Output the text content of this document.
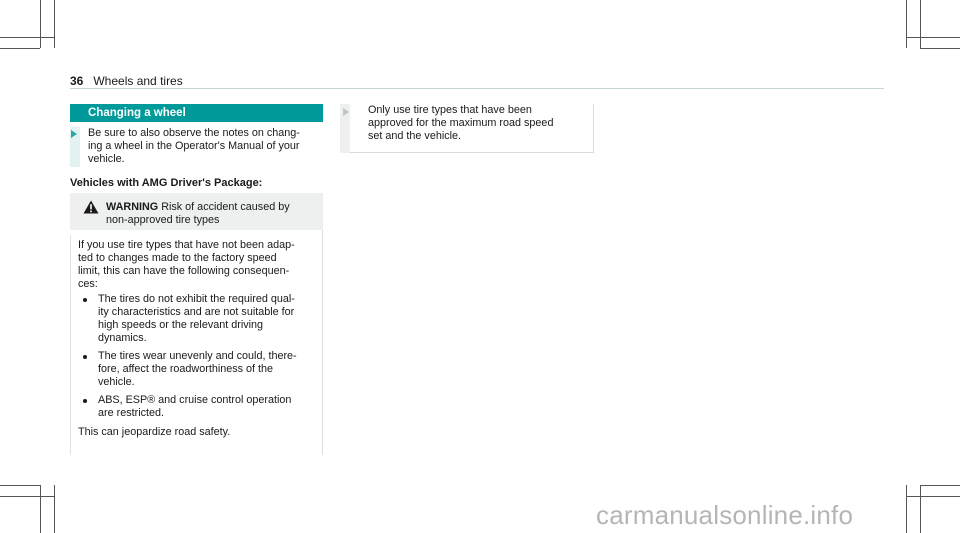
36 Wheels and tires
Changing a wheel
Be sure to also observe the notes on chang-
ing a wheel in the Operator's Manual of your
vehicle.
Vehicles with AMG Driver's Package:
WARNING Risk of accident caused by
non-approved tire types

If you use tire types that have not been adap-
ted to changes made to the factory speed
limit, this can have the following consequen-
ces:

The tires do not exhibit the required qual-
ity characteristics and are not suitable for
high speeds or the relevant driving
dynamics.
The tires wear unevenly and could, there-
fore, affect the roadworthiness of the
vehicle.
ABS, ESP® and cruise control operation
are restricted.

This can jeopardize road safety.

Only use tire types that have been
approved for the maximum road speed
set and the vehicle.
carmanualsonline.info
